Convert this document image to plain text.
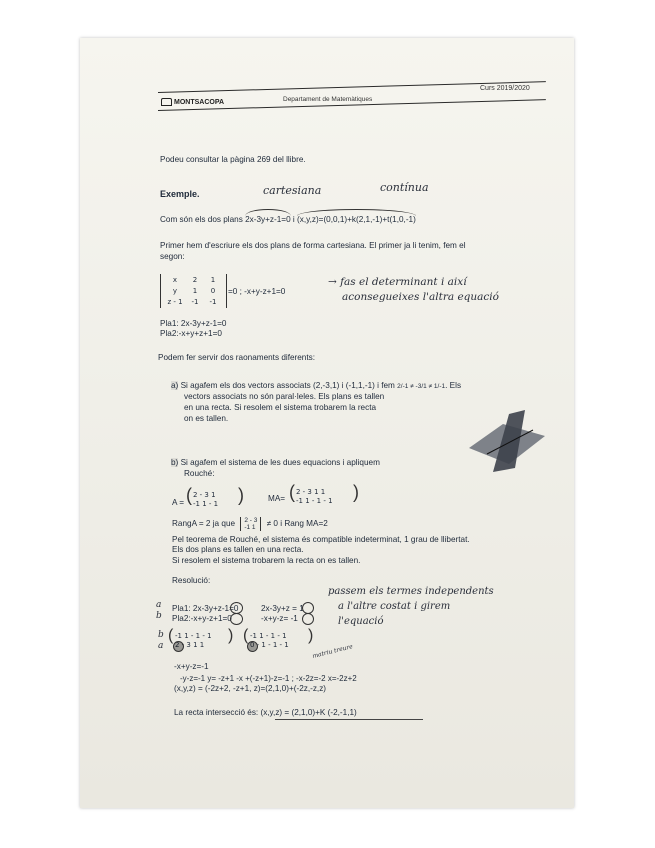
MONTSACOPA	Departament de Matemàtiques
Curs 2019/2020
Podeu consultar la pàgina 269 del llibre.
Exemple.	cartesiana	contínua
Com són els dos plans
2x-3y+z-1=0 i
(x,y,z)=(0,0,1)+k(2,1,-1)+t(1,0,-1)
Primer hem d'escriure els dos plans de forma cartesiana. El primer ja li tenim, fem el
segon:
x 2 1
y 1 0
z - 1 -1 -1
=0 ; -x+y-z+1=0
→ fas el determinant i així
aconsegueixes l'altra equació
Pla1: 2x-3y+z-1=0
Pla2:-x+y+z+1=0
Podem fer servir dos raonaments diferents:
a) Si agafem els dos vectors associats (2,-3,1) i (-1,1,-1) i fem 2/-1 ≠ -3/1 ≠ 1/-1. Els
vectors associats no són paral·leles. Els plans es tallen
en una recta. Si resolem el sistema trobarem la recta
on es tallen.
b) Si agafem el sistema de les dues equacions i apliquem
Rouché:
A = ( 2 - 3 1
-1 1 - 1 )	MA= ( 2 - 3 1 1
-1 1 - 1 - 1 )
RangA = 2 ja que 2 - 3
-1 1 ≠ 0 i Rang MA=2
Pel teorema de Rouché, el sistema és compatible indeterminat, 1 grau de llibertat.
Els dos plans es tallen en una recta.
Si resolem el sistema trobarem la recta on es tallen.
Resolució:
passem els termes independents
a l'altre costat i girem
l'equació
a
b
Pla1: 2x-3y+z-1=0
Pla2:-x+y-z+1=0
2x-3y+z = 1
-x+y-z= -1
b
a
( -1 1 - 1 - 1
2 - 3 1 1
) ( -1 1 - 1 - 1
0 - 1 - 1 - 1
)
matriu treure
-x+y-z=-1
-y-z=-1 y= -z+1 -x +(-z+1)-z=-1 ; -x-2z=-2 x=-2z+2
(x,y,z) = (-2z+2, -z+1, z)=(2,1,0)+(-2z,-z,z)
La recta intersecció és: (x,y,z) = (2,1,0)+K (-2,-1,1)
